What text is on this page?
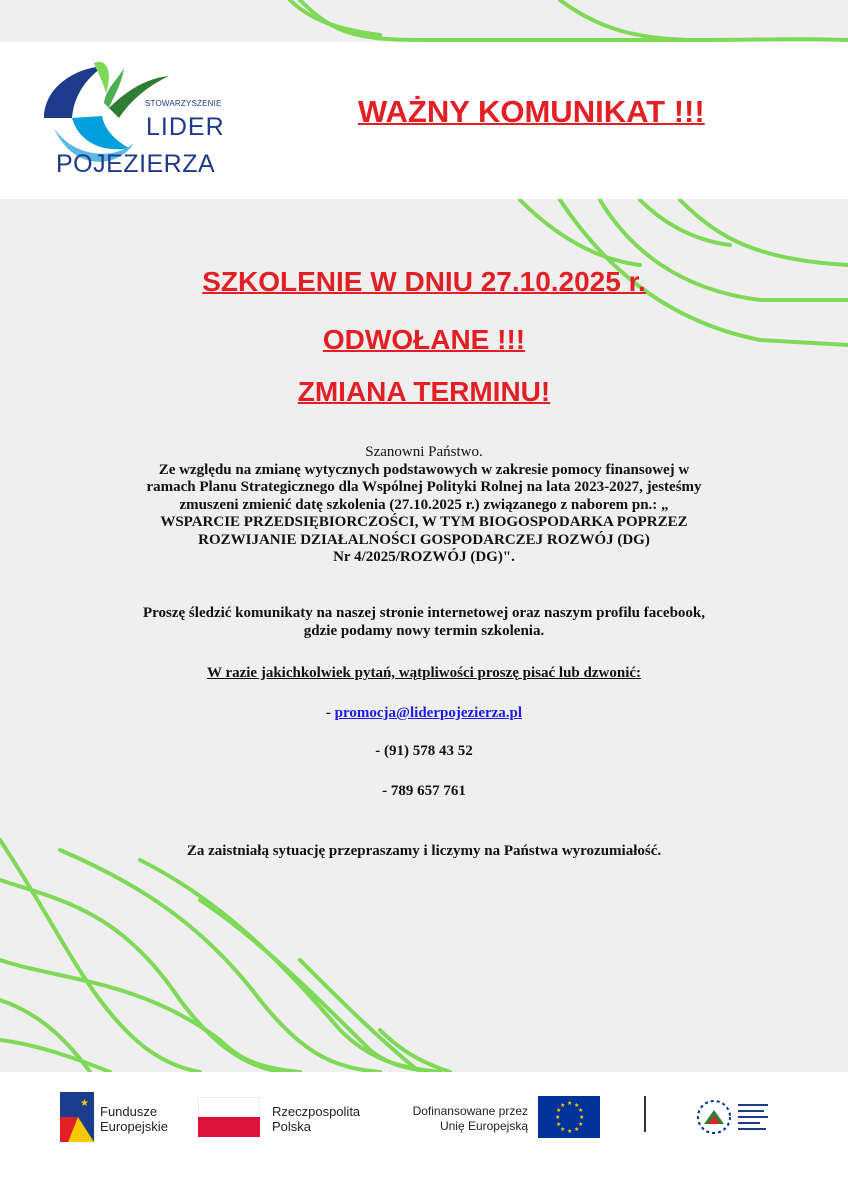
STOWARZYSZENIE
LIDER
POJEZIERZA
WAŻNY KOMUNIKAT !!!
SZKOLENIE W DNIU 27.10.2025 r.
ODWOŁANE !!!
ZMIANA TERMINU!
Szanowni Państwo.
Ze względu na zmianę wytycznych podstawowych w zakresie pomocy finansowej w
ramach Planu Strategicznego dla Wspólnej Polityki Rolnej na lata 2023-2027, jesteśmy
zmuszeni zmienić datę szkolenia (27.10.2025 r.) związanego z naborem pn.: „
WSPARCIE PRZEDSIĘBIORCZOŚCI, W TYM BIOGOSPODARKA POPRZEZ
ROZWIJANIE DZIAŁALNOŚCI GOSPODARCZEJ ROZWÓJ (DG)
Nr 4/2025/ROZWÓJ (DG)".
Proszę śledzić komunikaty na naszej stronie internetowej oraz naszym profilu facebook,
gdzie podamy nowy termin szkolenia.
W razie jakichkolwiek pytań, wątpliwości proszę pisać lub dzwonić:
- promocja@liderpojezierza.pl
- (91) 578 43 52
- 789 657 761
Za zaistniałą sytuację przepraszamy i liczymy na Państwa wyrozumiałość.
★
Fundusze
Europejskie
Rzeczpospolita
Polska
Dofinansowane przez
Unię Europejską
★ ★
★
★
★
★
★
★
★
★
★
★
